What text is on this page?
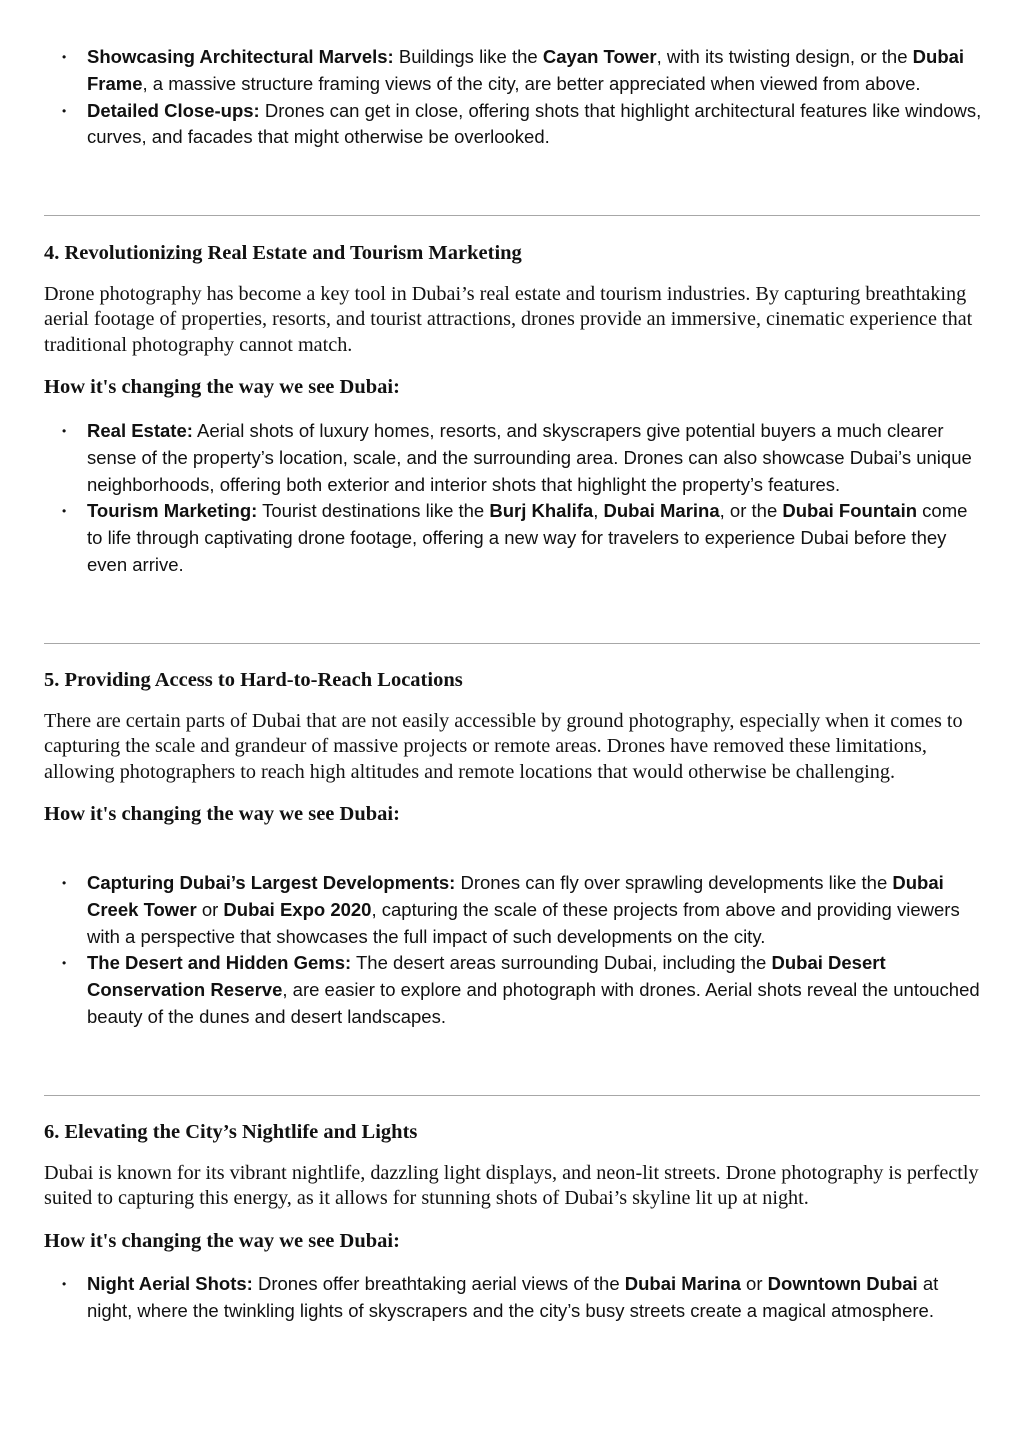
• Showcasing Architectural Marvels: Buildings like the Cayan Tower, with its twisting design, or the Dubai Frame, a massive structure framing views of the city, are better appreciated when viewed from above.
• Detailed Close-ups: Drones can get in close, offering shots that highlight architectural features like windows, curves, and facades that might otherwise be overlooked.
4. Revolutionizing Real Estate and Tourism Marketing

Drone photography has become a key tool in Dubai’s real estate and tourism industries. By capturing breathtaking aerial footage of properties, resorts, and tourist attractions, drones provide an immersive, cinematic experience that traditional photography cannot match.

How it's changing the way we see Dubai:
• Real Estate: Aerial shots of luxury homes, resorts, and skyscrapers give potential buyers a much clearer sense of the property’s location, scale, and the surrounding area. Drones can also showcase Dubai’s unique neighborhoods, offering both exterior and interior shots that highlight the property’s features.
• Tourism Marketing: Tourist destinations like the Burj Khalifa, Dubai Marina, or the Dubai Fountain come to life through captivating drone footage, offering a new way for travelers to experience Dubai before they even arrive.
5. Providing Access to Hard-to-Reach Locations

There are certain parts of Dubai that are not easily accessible by ground photography, especially when it comes to capturing the scale and grandeur of massive projects or remote areas. Drones have removed these limitations, allowing photographers to reach high altitudes and remote locations that would otherwise be challenging.

How it's changing the way we see Dubai:
• Capturing Dubai’s Largest Developments: Drones can fly over sprawling developments like the Dubai Creek Tower or Dubai Expo 2020, capturing the scale of these projects from above and providing viewers with a perspective that showcases the full impact of such developments on the city.
• The Desert and Hidden Gems: The desert areas surrounding Dubai, including the Dubai Desert Conservation Reserve, are easier to explore and photograph with drones. Aerial shots reveal the untouched beauty of the dunes and desert landscapes.
6. Elevating the City’s Nightlife and Lights

Dubai is known for its vibrant nightlife, dazzling light displays, and neon-lit streets. Drone photography is perfectly suited to capturing this energy, as it allows for stunning shots of Dubai’s skyline lit up at night.

How it's changing the way we see Dubai:
• Night Aerial Shots: Drones offer breathtaking aerial views of the Dubai Marina or Downtown Dubai at night, where the twinkling lights of skyscrapers and the city’s busy streets create a magical atmosphere.
